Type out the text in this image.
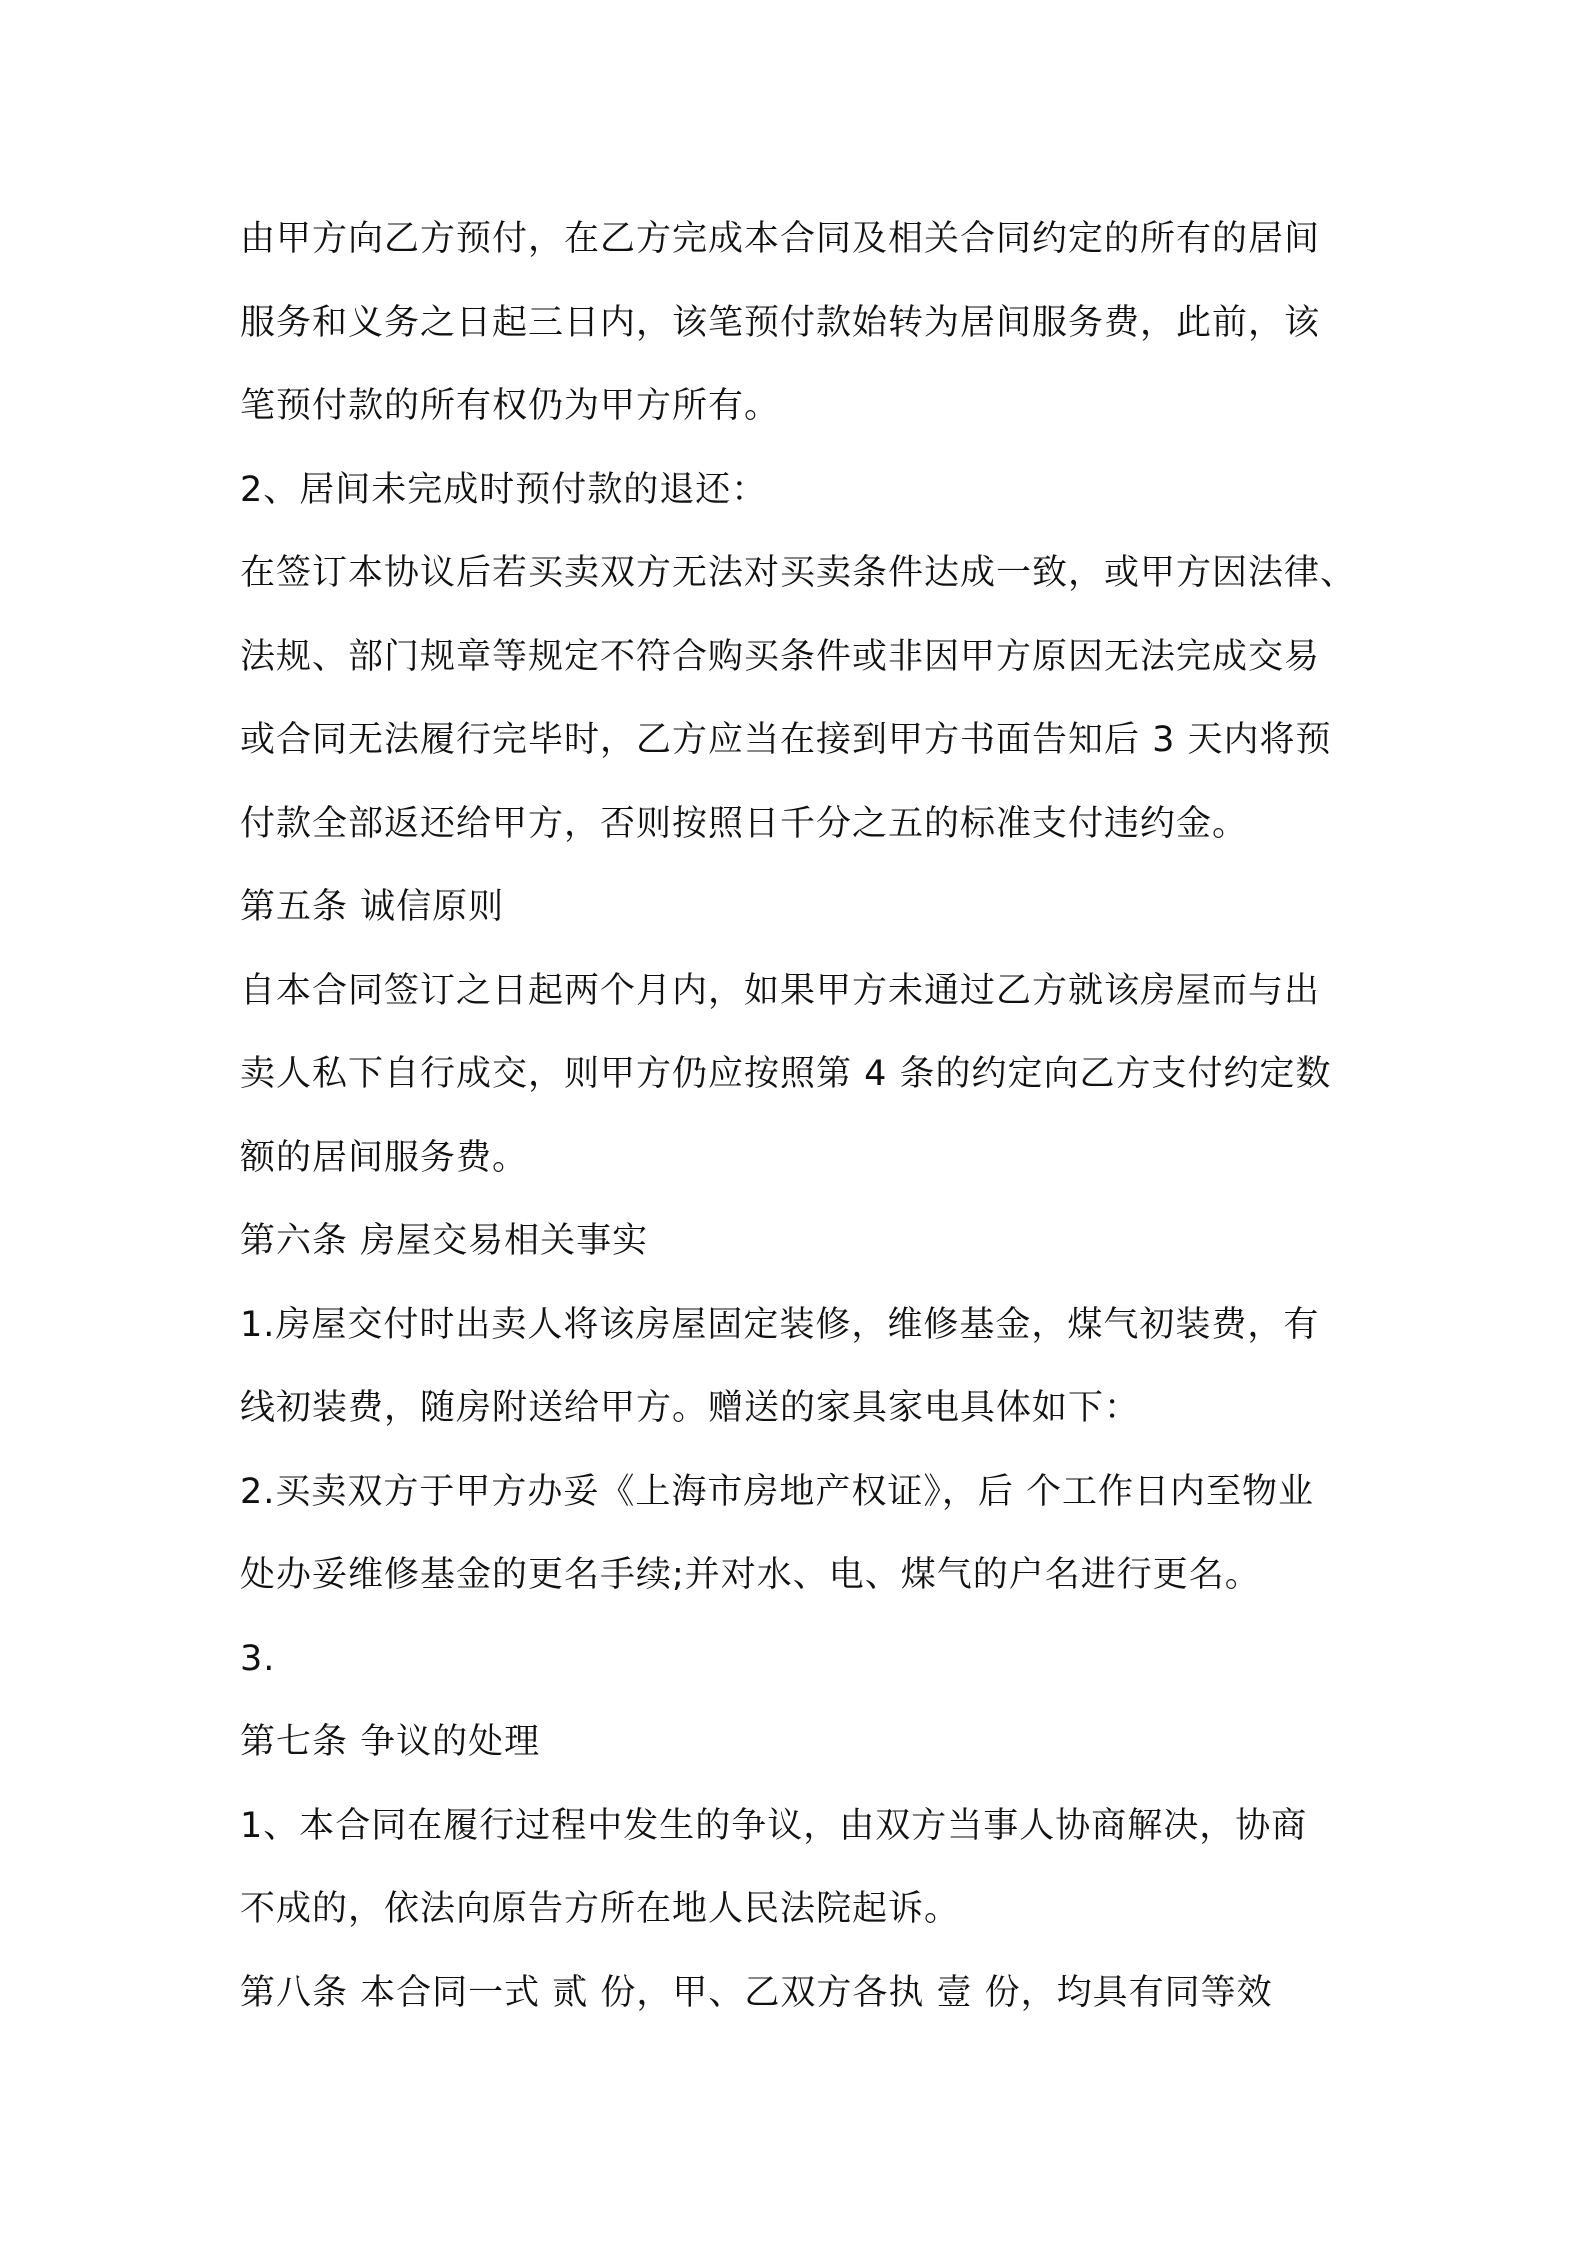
由甲方向乙方预付，在乙方完成本合同及相关合同约定的所有的居间
服务和义务之日起三日内，该笔预付款始转为居间服务费，此前，该
笔预付款的所有权仍为甲方所有。
2、居间未完成时预付款的退还：
在签订本协议后若买卖双方无法对买卖条件达成一致，或甲方因法律、
法规、部门规章等规定不符合购买条件或非因甲方原因无法完成交易
或合同无法履行完毕时，乙方应当在接到甲方书面告知后 3 天内将预
付款全部返还给甲方，否则按照日千分之五的标准支付违约金。
第五条 诚信原则
自本合同签订之日起两个月内，如果甲方未通过乙方就该房屋而与出
卖人私下自行成交，则甲方仍应按照第 4 条的约定向乙方支付约定数
额的居间服务费。
第六条 房屋交易相关事实
1.房屋交付时出卖人将该房屋固定装修，维修基金，煤气初装费，有
线初装费，随房附送给甲方。赠送的家具家电具体如下：
2.买卖双方于甲方办妥《上海市房地产权证》，后 个工作日内至物业
处办妥维修基金的更名手续;并对水、电、煤气的户名进行更名。
3.
第七条 争议的处理
1、本合同在履行过程中发生的争议，由双方当事人协商解决，协商
不成的，依法向原告方所在地人民法院起诉。
第八条 本合同一式 贰 份，甲、乙双方各执 壹 份，均具有同等效
